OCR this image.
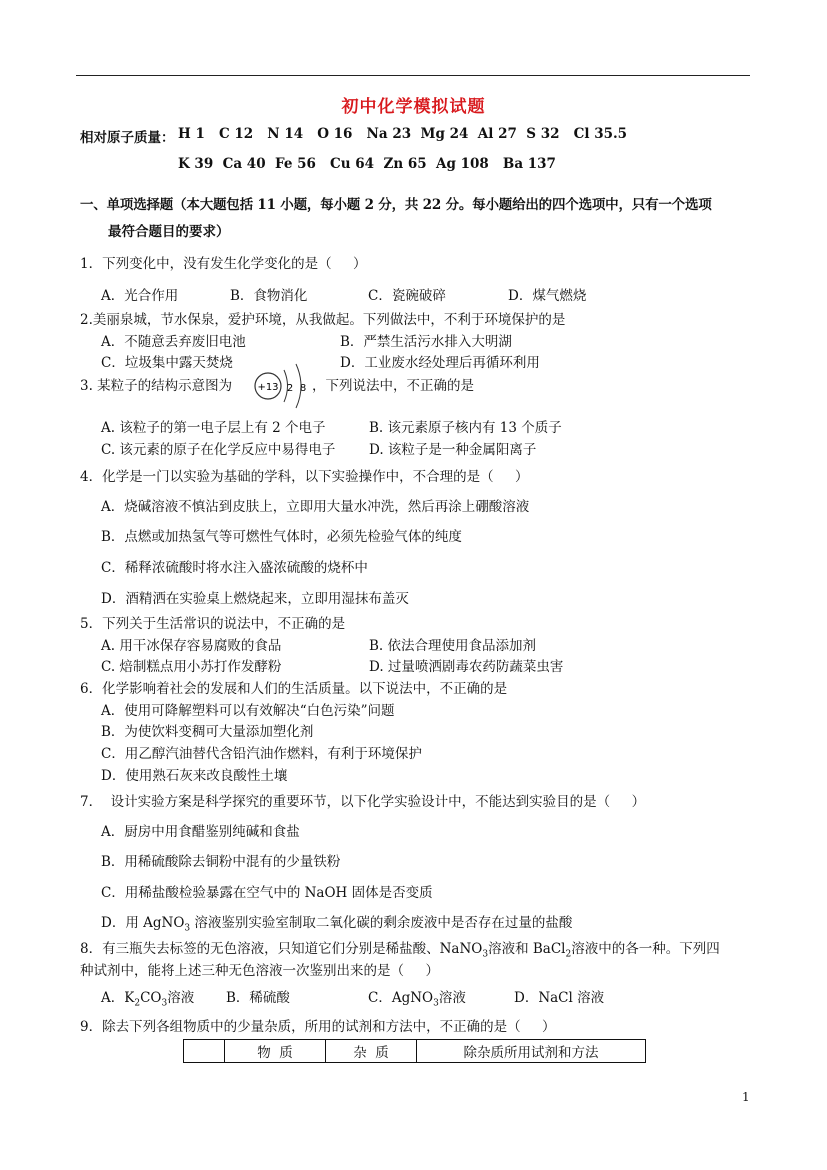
初中化学模拟试题
相对原子质量： H 1   C 12   N 14   O 16   Na 23  Mg 24  Al 27  S 32   Cl 35.5
K 39  Ca 40  Fe 56   Cu 64  Zn 65  Ag 108   Ba 137
一、单项选择题（本大题包括 11 小题，每小题 2 分，共 22 分。每小题给出的四个选项中，只有一个选项
最符合题目的要求）
1．下列变化中，没有发生化学变化的是（     ）
A．光合作用	B．食物消化	C．瓷碗破碎	D．煤气燃烧
2.美丽泉城，节水保泉，爱护环境，从我做起。下列做法中，不利于环境保护的是
A．不随意丢弃废旧电池	B．严禁生活污水排入大明湖
C．垃圾集中露天焚烧	D．工业废水经处理后再循环利用
3. 某粒子的结构示意图为	+13 2 8 ，下列说法中，不正确的是
A. 该粒子的第一电子层上有 2 个电子	B. 该元素原子核内有 13 个质子
C. 该元素的原子在化学反应中易得电子 D. 该粒子是一种金属阳离子
4．化学是一门以实验为基础的学科，以下实验操作中，不合理的是（     ）
A．烧碱溶液不慎沾到皮肤上，立即用大量水冲洗，然后再涂上硼酸溶液
B．点燃或加热氢气等可燃性气体时，必须先检验气体的纯度
C．稀释浓硫酸时将水注入盛浓硫酸的烧杯中
D．酒精洒在实验桌上燃烧起来，立即用湿抹布盖灭
5．下列关于生活常识的说法中，不正确的是
A. 用干冰保存容易腐败的食品	B. 依法合理使用食品添加剂
C. 焙制糕点用小苏打作发酵粉	D. 过量喷洒剧毒农药防蔬菜虫害
6．化学影响着社会的发展和人们的生活质量。以下说法中，不正确的是
A．使用可降解塑料可以有效解决“白色污染”问题
B．为使饮料变稠可大量添加塑化剂
C．用乙醇汽油替代含铅汽油作燃料，有利于环境保护
D．使用熟石灰来改良酸性土壤
7．  设计实验方案是科学探究的重要环节，以下化学实验设计中，不能达到实验目的是（     ）
A．厨房中用食醋鉴别纯碱和食盐
B．用稀硫酸除去铜粉中混有的少量铁粉
C．用稀盐酸检验暴露在空气中的 NaOH 固体是否变质
D．用 AgNO$_3$ 溶液鉴别实验室制取二氧化碳的剩余废液中是否存在过量的盐酸
8．有三瓶失去标签的无色溶液，只知道它们分别是稀盐酸、NaNO$_3$溶液和 BaCl$_2$溶液中的各一种。下列四
种试剂中，能将上述三种无色溶液一次鉴别出来的是（     ）
A．$K_2CO_3$溶液 B．稀硫酸	C．AgNO$_3$溶液	D．NaCl 溶液
9．除去下列各组物质中的少量杂质，所用的试剂和方法中，不正确的是（     ）
	物  质	杂  质	除杂质所用试剂和方法
1
